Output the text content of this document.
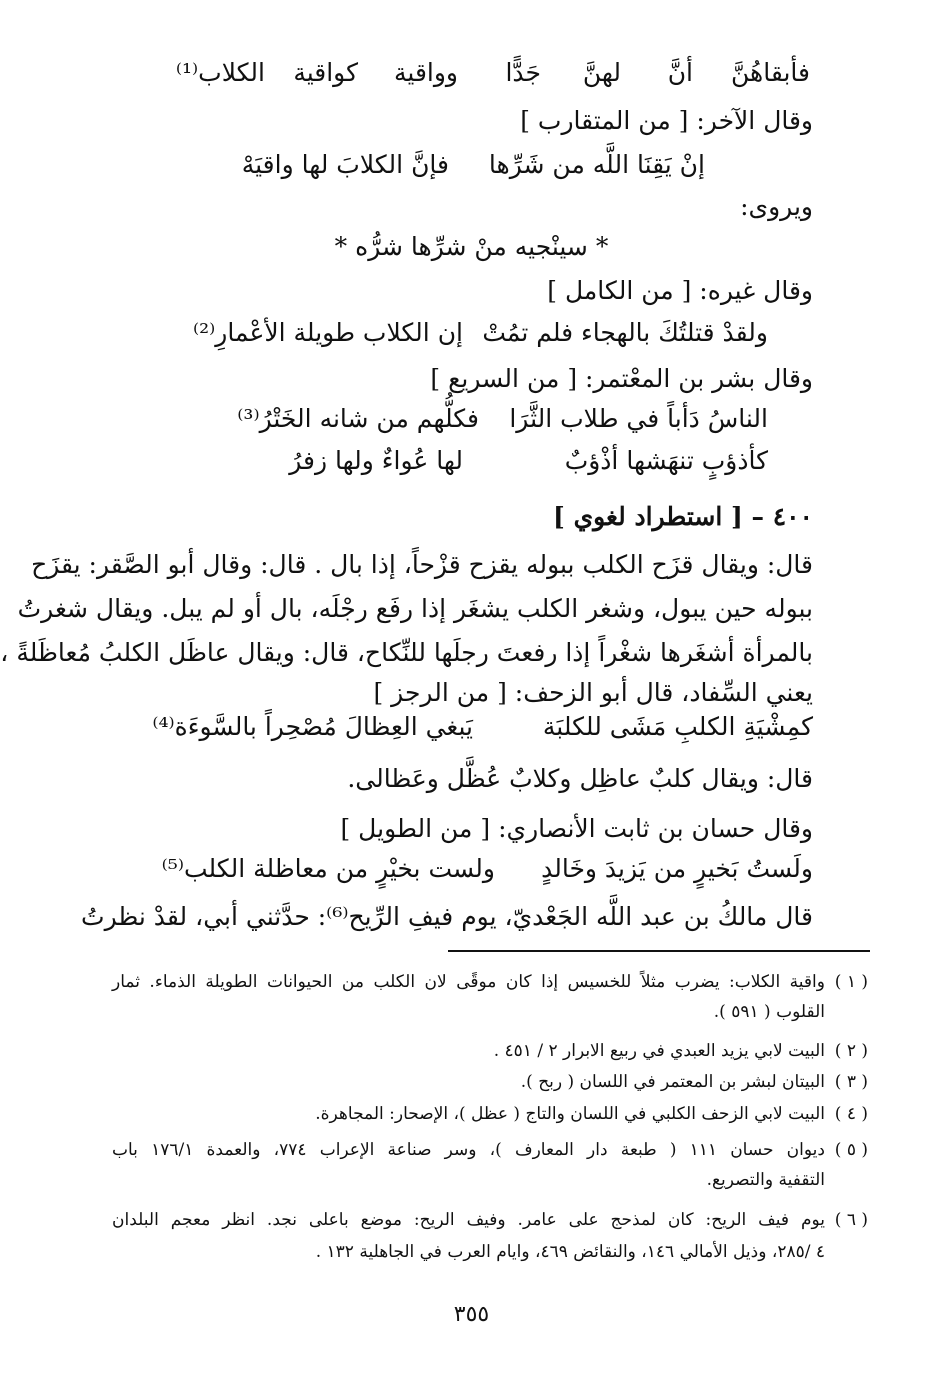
فأبقاهُنَّ
أنَّ
لهنَّ
جَدًّا
وواقية
كواقية
الكلاب⁽¹⁾
وقال الآخر: [ من المتقارب ]
إنْ يَقِنَا اللَّه من شَرِّها
فإنَّ الكلابَ لها واقيَهْ
ويروى:
* سينْجيه منْ شرِّها شرُّه *
وقال غيره: [ من الكامل ]
ولقدْ قتلتُكَ بالهجاء فلم تمُتْ
إن الكلاب طويلة الأعْمارِ⁽²⁾
وقال بشر بن المعْتمر: [ من السريع ]
الناسُ دَأباً في طلاب الثَّرَا
فكلُّهم من شانه الخَتْرُ⁽³⁾
كأذؤبٍ تنهَشها أذْؤبٌ
لها عُواءٌ ولها زفرُ
٤٠٠ – [ استطراد لغوي ]
قال: ويقال قزَح الكلب ببوله يقزح قزْحاً، إذا بال . قال: وقال أبو الصَّقر: يقزَح
ببوله حين يبول، وشغر الكلب يشغَر إذا رفَع رجْلَه، بال أو لم يبل. ويقال شغرتُ
بالمرأة أشغَرها شغْراً إذا رفعتَ رجلَها للنِّكاح، قال: ويقال عاظَل الكلبُ مُعاظَلةً ،
يعني السِّفاد، قال أبو الزحف: [ من الرجز ]
كمِشْيَةِ الكلبِ مَشَى للكلبَة
يَبغي العِظالَ مُصْحِراً بالسَّوءَة⁽⁴⁾
قال: ويقال كلبٌ عاظِل وكلابٌ عُظَّل وعَظالى.
وقال حسان بن ثابت الأنصاري: [ من الطويل ]
ولَستُ بَخيرٍ من يَزيدَ وخَالدٍ
ولست بخيْرٍ من معاظلة الكلب⁽⁵⁾
قال مالكُ بن عبد اللَّه الجَعْديّ، يوم فيفِ الرِّيح⁽⁶⁾: حدَّثني أبي، لقدْ نظرتُ
( ١ )
واقية الكلاب: يضرب مثلاً للخسيس إذا كان موقًى لان الكلب من الحيوانات الطويلة الذماء. ثمار
القلوب ( ٥٩١ ).
( ٢ )
البيت لابي يزيد العبدي في ربيع الابرار ٢ / ٤٥١ .
( ٣ )
البيتان لبشر بن المعتمر في اللسان ( ربح ).
( ٤ )
البيت لابي الزحف الكلبي في اللسان والتاج ( عظل )، الإصحار: المجاهرة.
( ٥ )
ديوان حسان ١١١ ( طبعة دار المعارف )، وسر صناعة الإعراب ٧٧٤، والعمدة ١٧٦/١ باب
التقفية والتصريع.
( ٦ )
يوم فيف الريح: كان لمذحج على عامر. وفيف الريح: موضع باعلى نجد. انظر معجم البلدان
٤ /٢٨٥، وذيل الأمالي ١٤٦، والنقائض ٤٦٩، وايام العرب في الجاهلية ١٣٢ .
٣٥٥
